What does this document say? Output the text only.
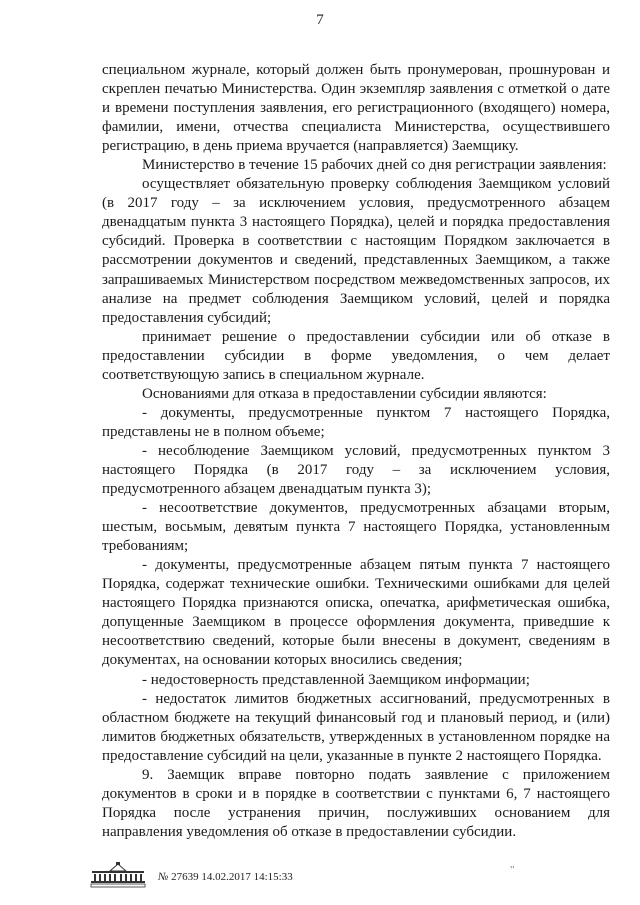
7

специальном журнале, который должен быть пронумерован, прошнурован и скреплен печатью Министерства. Один экземпляр заявления с отметкой о дате и времени поступления заявления, его регистрационного (входящего) номера, фамилии, имени, отчества специалиста Министерства, осуществившего регистрацию, в день приема вручается (направляется) Заемщику.

Министерство в течение 15 рабочих дней со дня регистрации заявления:

осуществляет обязательную проверку соблюдения Заемщиком условий (в 2017 году – за исключением условия, предусмотренного абзацем двенадцатым пункта 3 настоящего Порядка), целей и порядка предоставления субсидий. Проверка в соответствии с настоящим Порядком заключается в рассмотрении документов и сведений, представленных Заемщиком, а также запрашиваемых Министерством посредством межведомственных запросов, их анализе на предмет соблюдения Заемщиком условий, целей и порядка предоставления субсидий;

принимает решение о предоставлении субсидии или об отказе в предоставлении субсидии в форме уведомления, о чем делает соответствующую запись в специальном журнале.

Основаниями для отказа в предоставлении субсидии являются:

- документы, предусмотренные пунктом 7 настоящего Порядка, представлены не в полном объеме;

- несоблюдение Заемщиком условий, предусмотренных пунктом 3 настоящего Порядка (в 2017 году – за исключением условия, предусмотренного абзацем двенадцатым пункта 3);

- несоответствие документов, предусмотренных абзацами вторым, шестым, восьмым, девятым пункта 7 настоящего Порядка, установленным требованиям;

- документы, предусмотренные абзацем пятым пункта 7 настоящего Порядка, содержат технические ошибки. Техническими ошибками для целей настоящего Порядка признаются описка, опечатка, арифметическая ошибка, допущенные Заемщиком в процессе оформления документа, приведшие к несоответствию сведений, которые были внесены в документ, сведениям в документах, на основании которых вносились сведения;

- недостоверность представленной Заемщиком информации;

- недостаток лимитов бюджетных ассигнований, предусмотренных в областном бюджете на текущий финансовый год и плановый период, и (или) лимитов бюджетных обязательств, утвержденных в установленном порядке на предоставление субсидий на цели, указанные в пункте 2 настоящего Порядка.

9. Заемщик вправе повторно подать заявление с приложением документов в сроки и в порядке в соответствии с пунктами 6, 7 настоящего Порядка после устранения причин, послуживших основанием для направления уведомления об отказе в предоставлении субсидии.

№ 27639 14.02.2017 14:15:33
"
